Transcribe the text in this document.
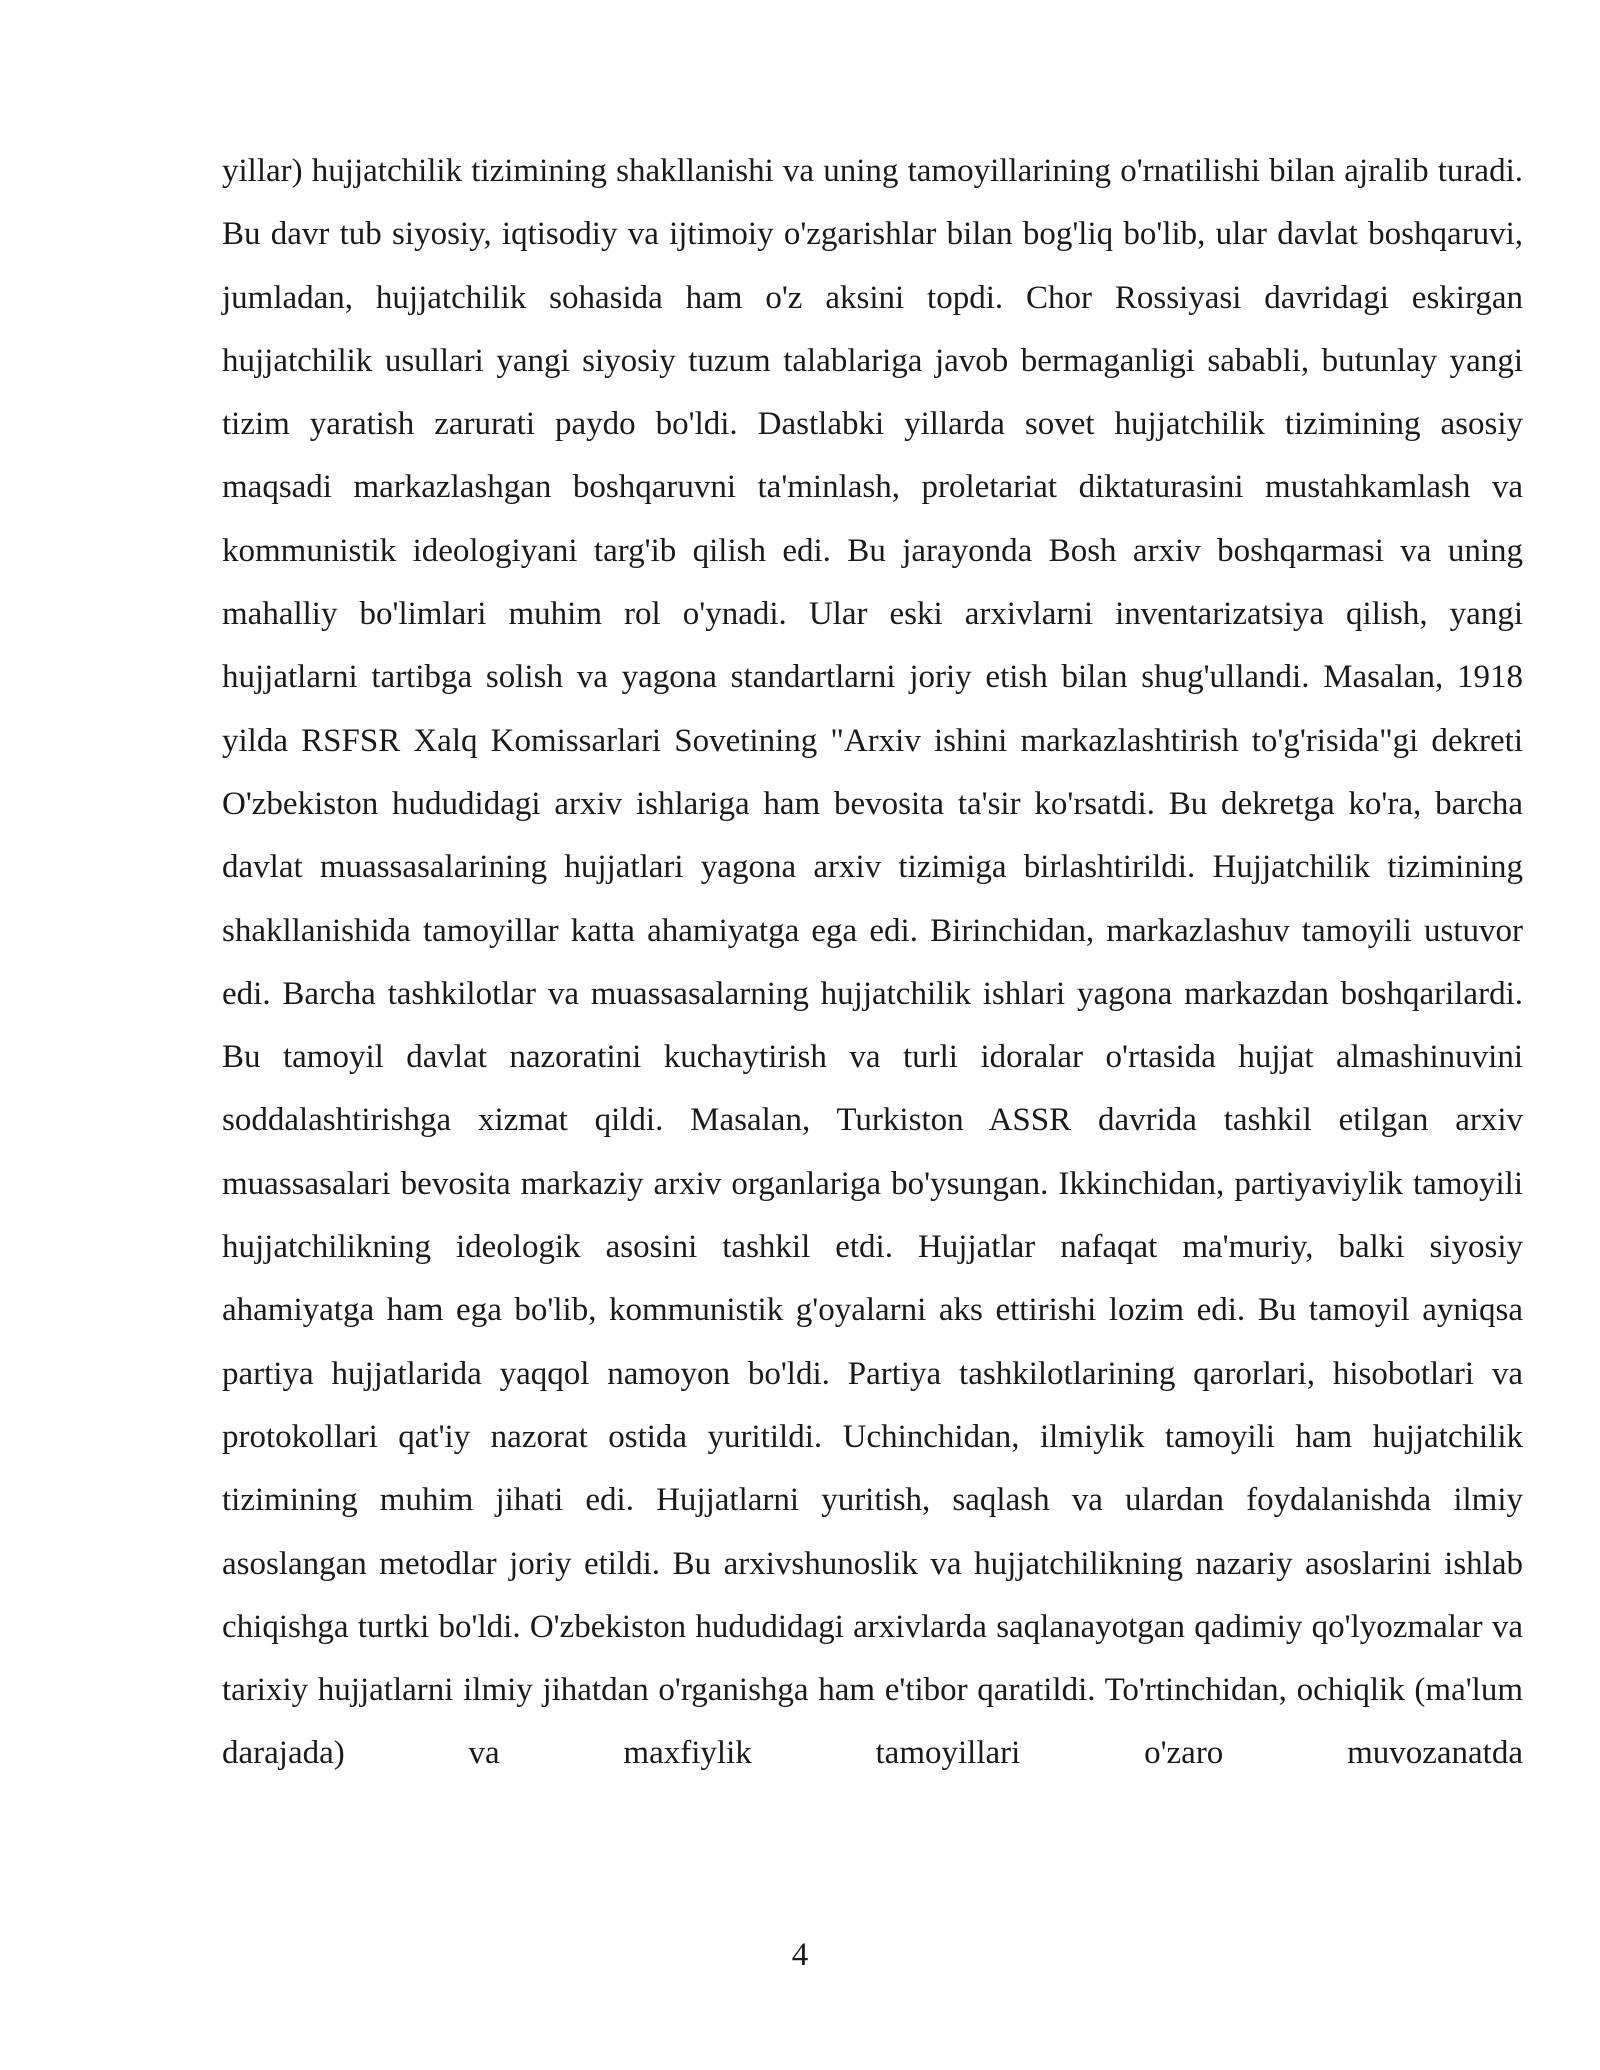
yillar) hujjatchilik tizimining shakllanishi va uning tamoyillarining o'rnatilishi bilan ajralib turadi. Bu davr tub siyosiy, iqtisodiy va ijtimoiy o'zgarishlar bilan bog'liq bo'lib, ular davlat boshqaruvi, jumladan, hujjatchilik sohasida ham o'z aksini topdi. Chor Rossiyasi davridagi eskirgan hujjatchilik usullari yangi siyosiy tuzum talablariga javob bermaganligi sababli, butunlay yangi tizim yaratish zarurati paydo bo'ldi. Dastlabki yillarda sovet hujjatchilik tizimining asosiy maqsadi markazlashgan boshqaruvni ta'minlash, proletariat diktaturasini mustahkamlash va kommunistik ideologiyani targ'ib qilish edi. Bu jarayonda Bosh arxiv boshqarmasi va uning mahalliy bo'limlari muhim rol o'ynadi. Ular eski arxivlarni inventarizatsiya qilish, yangi hujjatlarni tartibga solish va yagona standartlarni joriy etish bilan shug'ullandi. Masalan, 1918 yilda RSFSR Xalq Komissarlari Sovetining "Arxiv ishini markazlashtirish to'g'risida"gi dekreti O'zbekiston hududidagi arxiv ishlariga ham bevosita ta'sir ko'rsatdi. Bu dekretga ko'ra, barcha davlat muassasalarining hujjatlari yagona arxiv tizimiga birlashtirildi. Hujjatchilik tizimining shakllanishida tamoyillar katta ahamiyatga ega edi. Birinchidan, markazlashuv tamoyili ustuvor edi. Barcha tashkilotlar va muassasalarning hujjatchilik ishlari yagona markazdan boshqarilardi. Bu tamoyil davlat nazoratini kuchaytirish va turli idoralar o'rtasida hujjat almashinuvini soddalashtirishga xizmat qildi. Masalan, Turkiston ASSR davrida tashkil etilgan arxiv muassasalari bevosita markaziy arxiv organlariga bo'ysungan. Ikkinchidan, partiyaviylik tamoyili hujjatchilikning ideologik asosini tashkil etdi. Hujjatlar nafaqat ma'muriy, balki siyosiy ahamiyatga ham ega bo'lib, kommunistik g'oyalarni aks ettirishi lozim edi. Bu tamoyil ayniqsa partiya hujjatlarida yaqqol namoyon bo'ldi. Partiya tashkilotlarining qarorlari, hisobotlari va protokollari qat'iy nazorat ostida yuritildi. Uchinchidan, ilmiylik tamoyili ham hujjatchilik tizimining muhim jihati edi. Hujjatlarni yuritish, saqlash va ulardan foydalanishda ilmiy asoslangan metodlar joriy etildi. Bu arxivshunoslik va hujjatchilikning nazariy asoslarini ishlab chiqishga turtki bo'ldi. O'zbekiston hududidagi arxivlarda saqlanayotgan qadimiy qo'lyozmalar va tarixiy hujjatlarni ilmiy jihatdan o'rganishga ham e'tibor qaratildi. To'rtinchidan, ochiqlik (ma'lum darajada) va maxfiylik tamoyillari o'zaro muvozanatda

4
